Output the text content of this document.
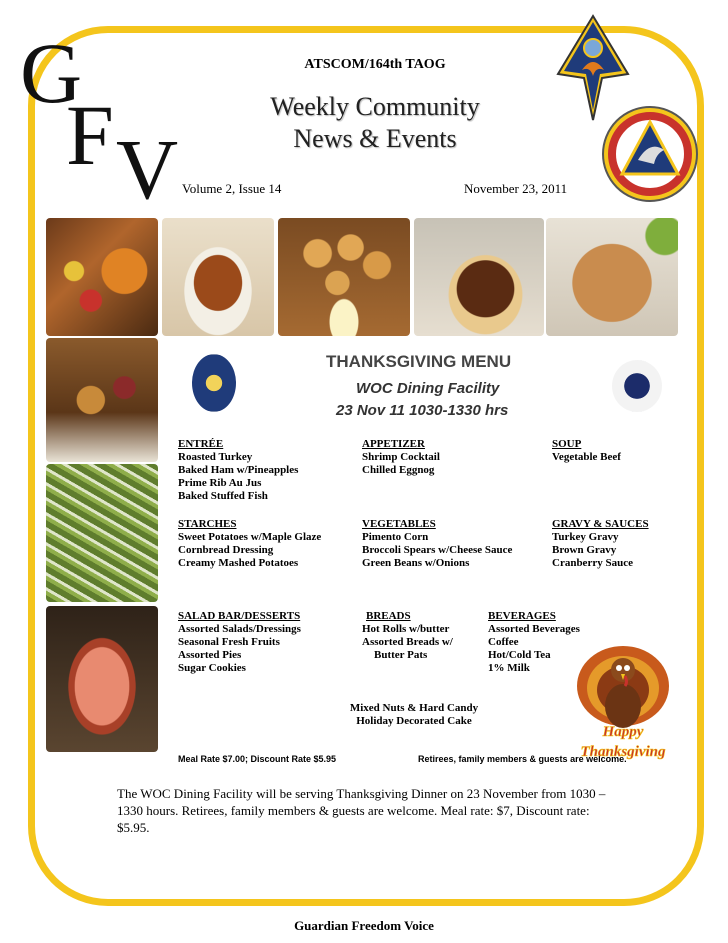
G
F V
ATSCOM/164th TAOG
Weekly Community
News & Events
Volume 2, Issue 14	November 23, 2011
THANKSGIVING MENU
WOC Dining Facility
23 Nov 11 1030-1330 hrs
ENTRÉE
Roasted Turkey
Baked Ham w/Pineapples
Prime Rib Au Jus
Baked Stuffed Fish
APPETIZER
Shrimp Cocktail
Chilled Eggnog
SOUP
Vegetable Beef
STARCHES
Sweet Potatoes w/Maple Glaze
Cornbread Dressing
Creamy Mashed Potatoes
VEGETABLES
Pimento Corn
Broccoli Spears w/Cheese Sauce
Green Beans w/Onions
GRAVY & SAUCES
Turkey Gravy
Brown Gravy
Cranberry Sauce
SALAD BAR/DESSERTS
Assorted Salads/Dressings
Seasonal Fresh Fruits
Assorted Pies
Sugar Cookies
BREADS
Hot Rolls w/butter
Assorted Breads w/
Butter Pats
BEVERAGES
Assorted Beverages
Coffee
Hot/Cold Tea
1% Milk
Mixed Nuts & Hard Candy
Holiday Decorated Cake
Meal Rate $7.00; Discount Rate $5.95	Retirees, family members & guests are welcome.
Happy
Thanksgiving
The WOC Dining Facility will be serving Thanksgiving Dinner on 23 November from 1030 – 1330 hours. Retirees, family members & guests are welcome. Meal rate: $7, Discount rate: $5.95.
Guardian Freedom Voice
